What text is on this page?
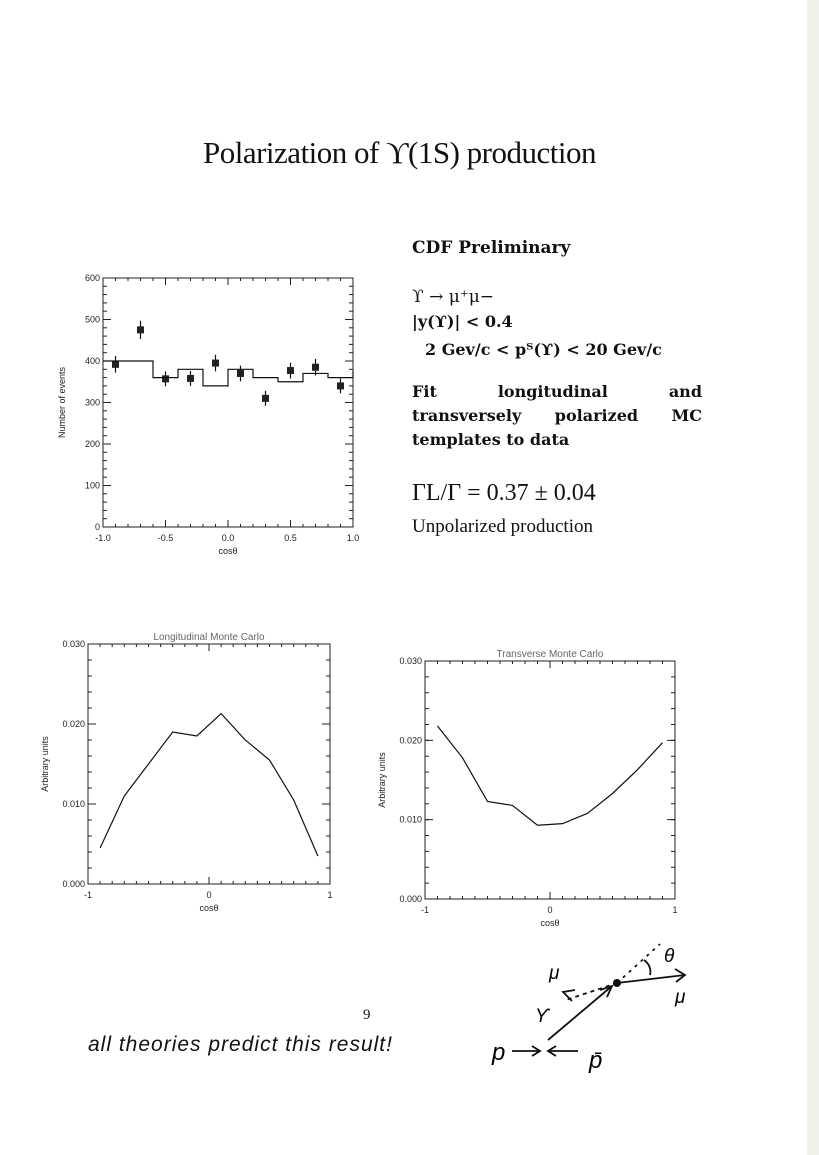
Polarization of ϒ(1S) production
-1.0	-0.5	0.0	0.5	1.0
0
100
200
300
400
500
600
cosθ
Number of events
CDF Preliminary
ϒ → μ⁺μ−
|y(ϒ)| < 0.4
2 Gev/c < pᵀ(ϒ) < 20 Gev/c
Fit longitudinal and transversely polarized MC templates to data
ΓL/Γ = 0.37 ± 0.04
Unpolarized production
9
all theories predict this result!
θ
μ
μ
ϒ
p	p̄
-1	0	1
0.000
0.010
0.020
0.030
cosθ
Arbitrary units
Longitudinal Monte Carlo
-1	0	1
0.000
0.010
0.020
0.030
cosθ
Arbitrary units
Transverse Monte Carlo
